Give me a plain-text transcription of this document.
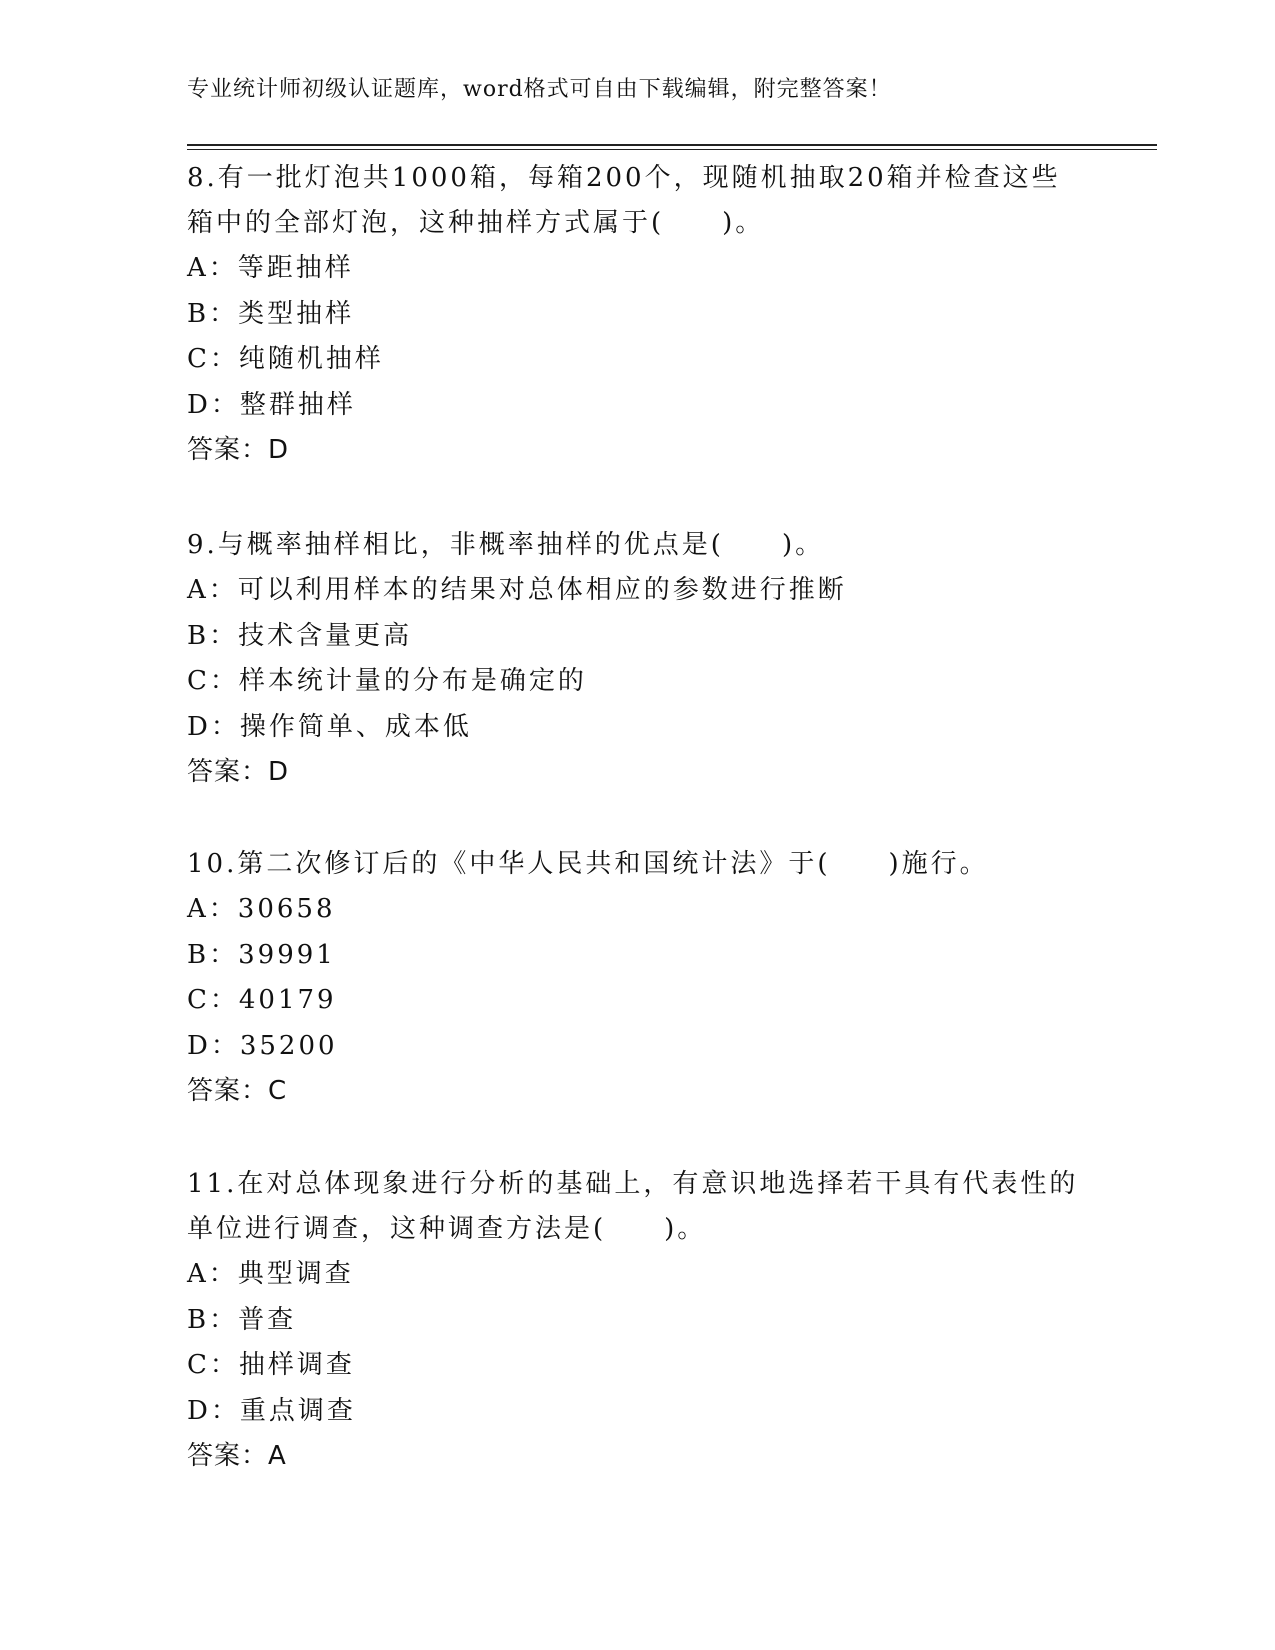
专业统计师初级认证题库，word格式可自由下载编辑，附完整答案！

8.有一批灯泡共1000箱，每箱200个，现随机抽取20箱并检查这些

箱中的全部灯泡，这种抽样方式属于(　　)。

A：等距抽样

B：类型抽样

C：纯随机抽样

D：整群抽样

答案：D

9.与概率抽样相比，非概率抽样的优点是(　　)。

A：可以利用样本的结果对总体相应的参数进行推断

B：技术含量更高

C：样本统计量的分布是确定的

D：操作简单、成本低

答案：D

10.第二次修订后的《中华人民共和国统计法》于(　　)施行。

A：30658

B：39991

C：40179

D：35200

答案：C

11.在对总体现象进行分析的基础上，有意识地选择若干具有代表性的

单位进行调查，这种调查方法是(　　)。

A：典型调查

B：普查

C：抽样调查

D：重点调查

答案：A
